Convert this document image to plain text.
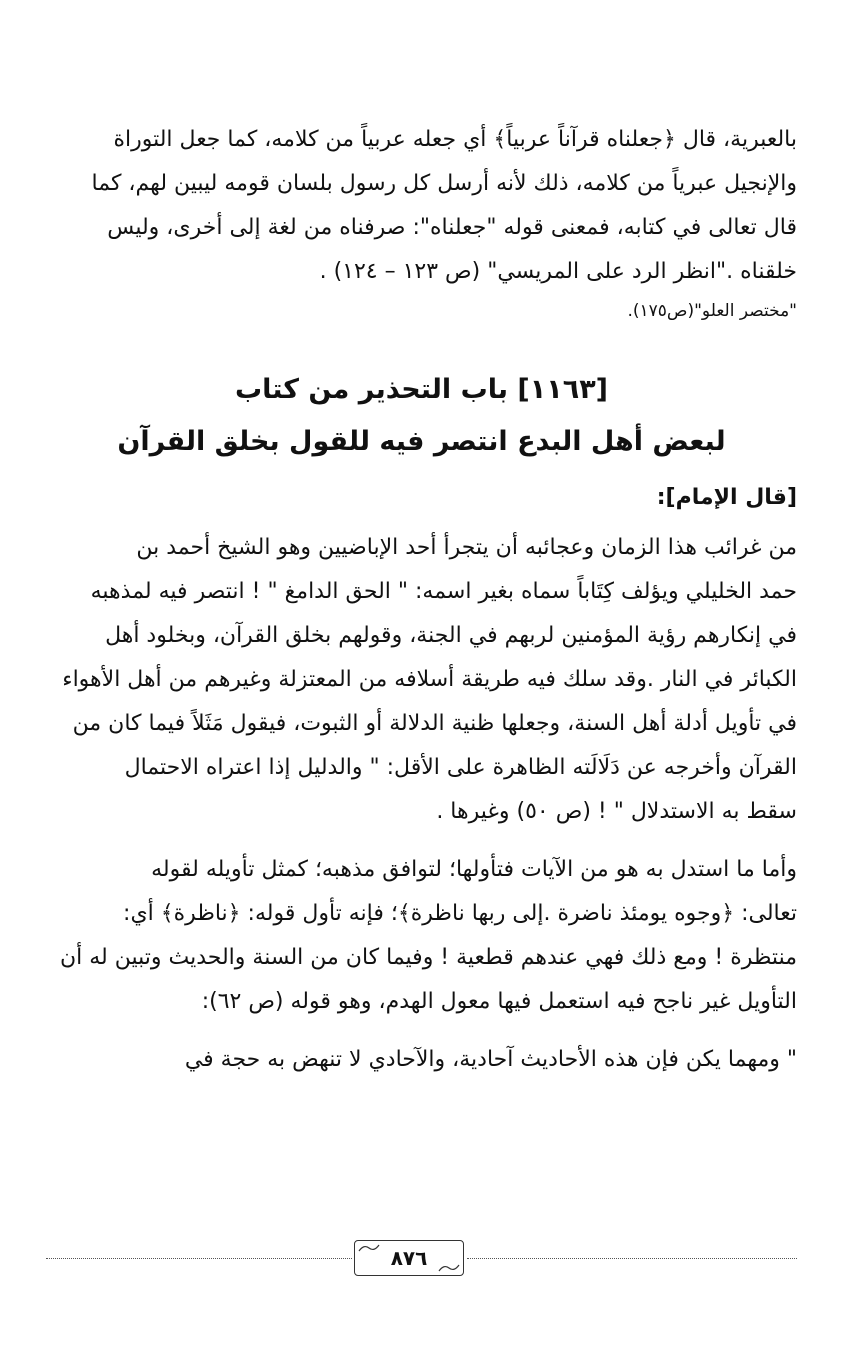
بالعبرية، قال ﴿جعلناه قرآناً عربياً﴾ أي جعله عربياً من كلامه، كما جعل التوراة
والإنجيل عبرياً من كلامه، ذلك لأنه أرسل كل رسول بلسان قومه ليبين لهم، كما
قال تعالى في كتابه، فمعنى قوله "جعلناه": صرفناه من لغة إلى أخرى، وليس
خلقناه ."انظر الرد على المريسي" (ص ١٢٣ – ١٢٤) .

"مختصر العلو"(ص١٧٥).

[١١٦٣] باب التحذير من كتاب
لبعض أهل البدع انتصر فيه للقول بخلق القرآن
[قال الإمام]:

من غرائب هذا الزمان وعجائبه أن يتجرأ أحد الإباضيين وهو الشيخ أحمد بن
حمد الخليلي ويؤلف كِتَاباً سماه بغير اسمه: " الحق الدامغ " ! انتصر فيه لمذهبه
في إنكارهم رؤية المؤمنين لربهم في الجنة، وقولهم بخلق القرآن، وبخلود أهل
الكبائر في النار .وقد سلك فيه طريقة أسلافه من المعتزلة وغيرهم من أهل الأهواء
في تأويل أدلة أهل السنة، وجعلها ظنية الدلالة أو الثبوت، فيقول مَثَلاً فيما كان من
القرآن وأخرجه عن دَلَالَته الظاهرة على الأقل: " والدليل إذا اعتراه الاحتمال
سقط به الاستدلال " ! (ص ٥٠) وغيرها .

وأما ما استدل به هو من الآيات فتأولها؛ لتوافق مذهبه؛ كمثل تأويله لقوله
تعالى: ﴿وجوه يومئذ ناضرة .إلى ربها ناظرة﴾؛ فإنه تأول قوله: ﴿ناظرة﴾ أي:
منتظرة ! ومع ذلك فهي عندهم قطعية ! وفيما كان من السنة والحديث وتبين له أن
التأويل غير ناجح فيه استعمل فيها معول الهدم، وهو قوله (ص ٦٢):

" ومهما يكن فإن هذه الأحاديث آحادية، والآحادي لا تنهض به حجة في

٨٧٦
